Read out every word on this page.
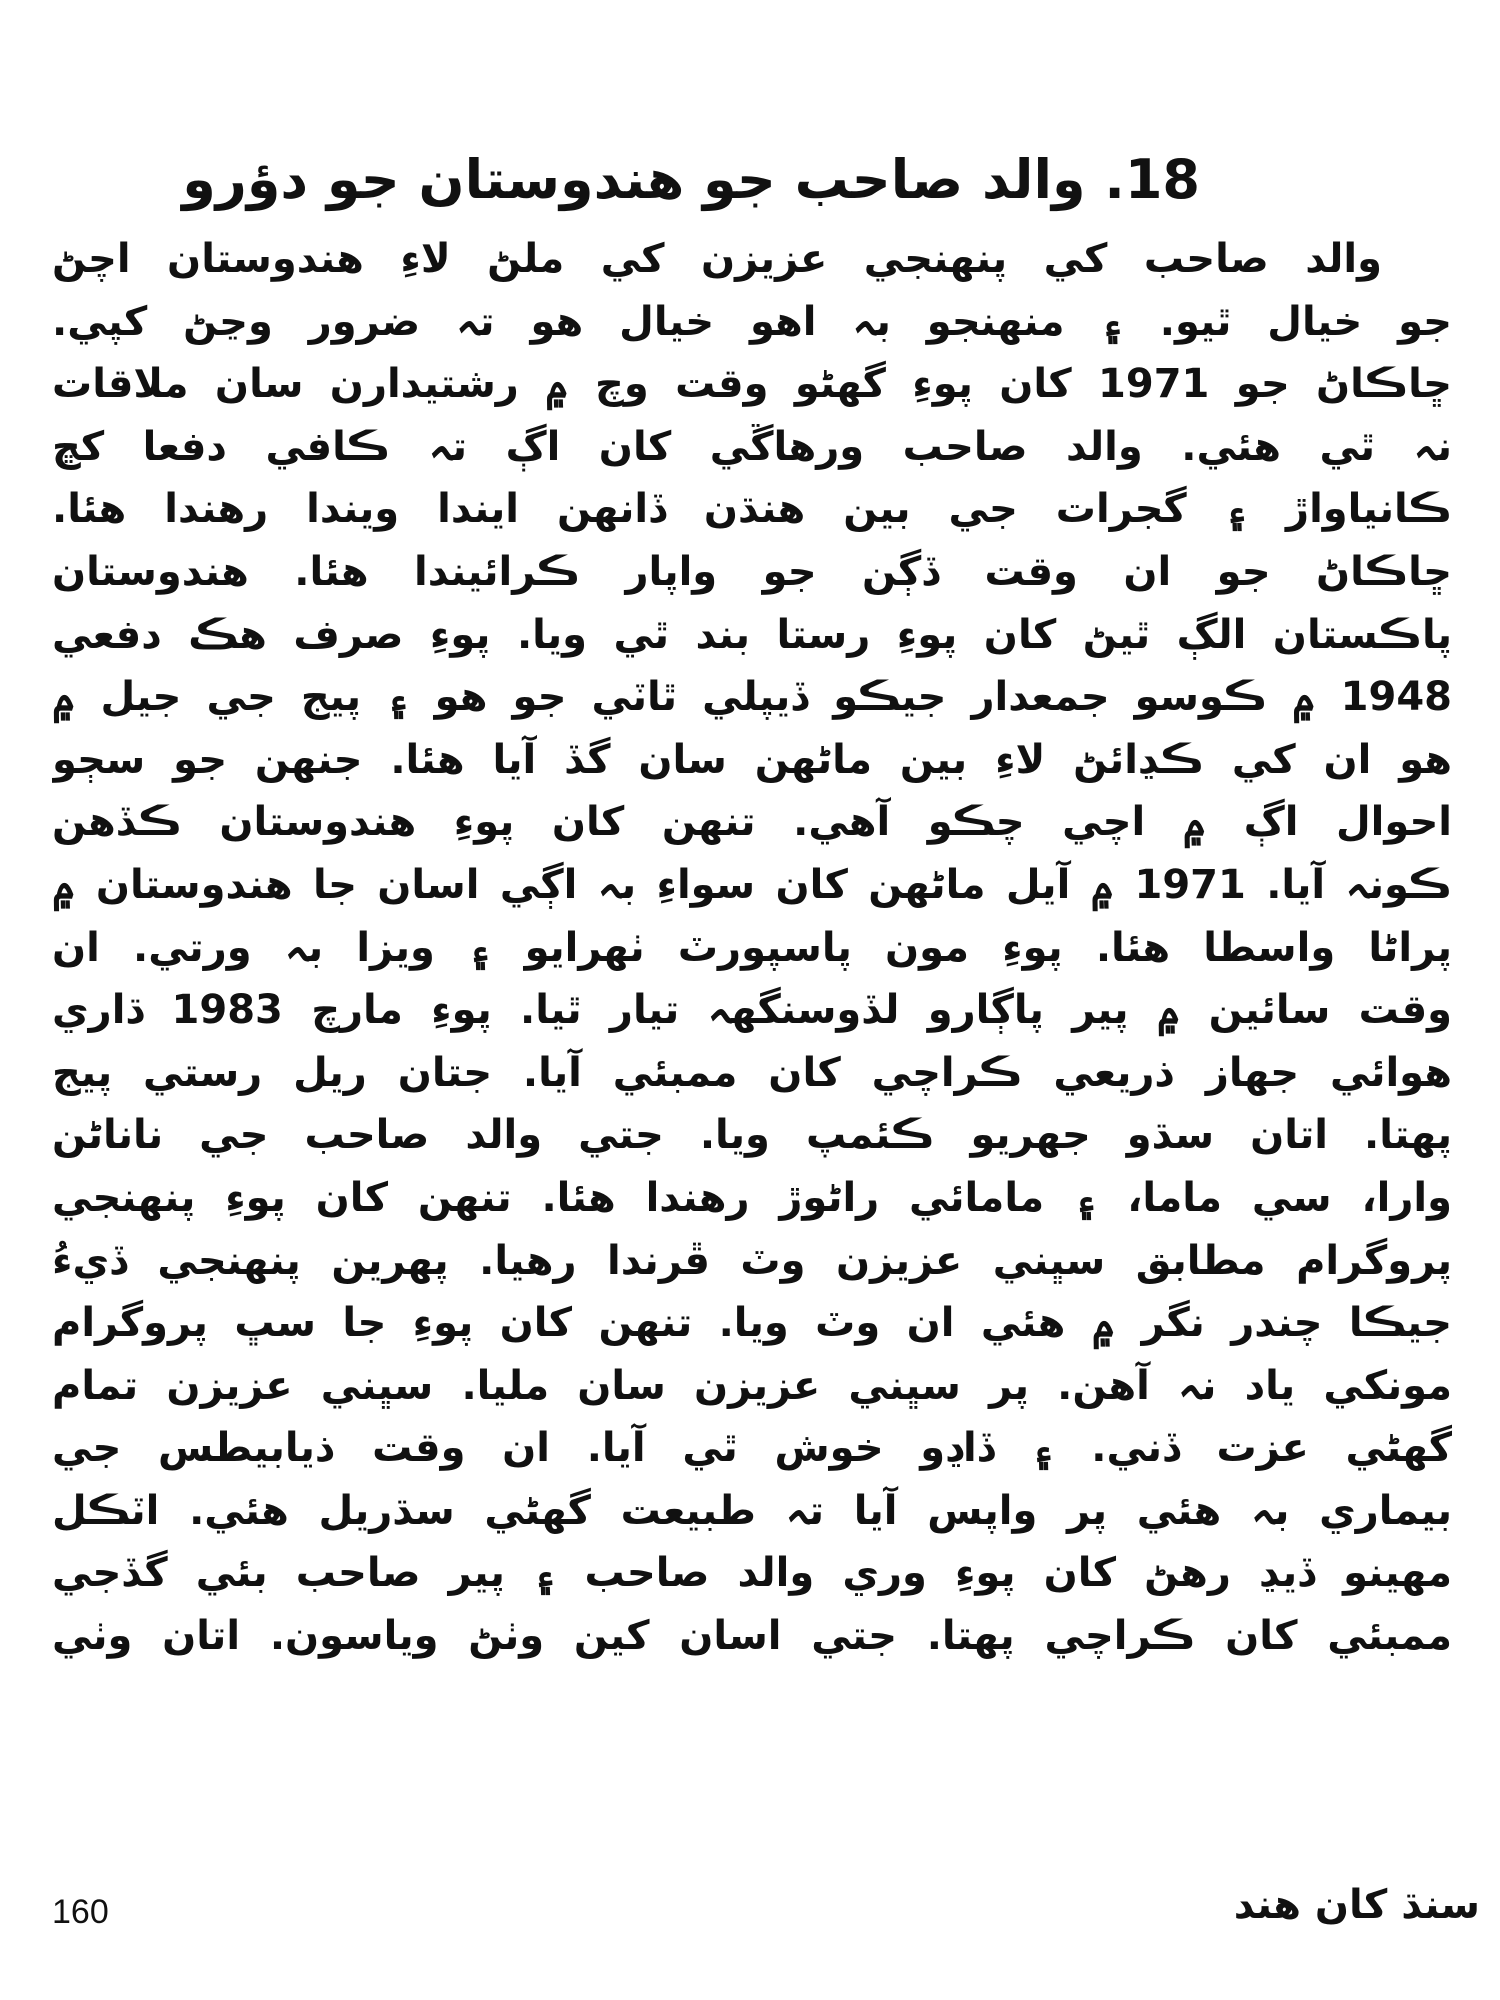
18. والد صاحب جو هندوستان جو دؤرو
والد صاحب کي پنهنجي عزيزن کي ملڻ لاءِ هندوستان اچڻ
جو خيال ٿيو. ۽ منهنجو بہ اهو خيال هو تہ ضرور وڃڻ کپي.
ڇاڪاڻ جو 1971 کان پوءِ گهڻو وقت وچ ۾ رشتيدارن سان ملاقات
نہ ٿي هئي. والد صاحب ورهاڱي کان اڳ تہ ڪافي دفعا کڇ
ڪانياواڙ ۽ گجرات جي بين هنڌن ڏانهن ايندا ويندا رهندا هئا.
ڇاڪاڻ جو ان وقت ڏڳن جو واپار ڪرائيندا هئا. هندوستان
پاڪستان الڳ ٿيڻ کان پوءِ رستا بند ٿي ويا. پوءِ صرف هڪ دفعي
1948 ۾ ڪوسو جمعدار جيڪو ڏيپلي ٿاٽي جو هو ۽ پيج جي جيل ۾
هو ان کي ڪڍائڻ لاءِ بين ماڻهن سان گڏ آيا هئا. جنهن جو سڄو
احوال اڳ ۾ اچي چڪو آهي. تنهن کان پوءِ هندوستان ڪڏهن
ڪونہ آيا. 1971 ۾ آيل ماڻهن کان سواءِ بہ اڳي اسان جا هندوستان ۾
پراڻا واسطا هئا. پوءِ مون پاسپورٽ ٺهرايو ۽ ويزا بہ ورتي. ان
وقت سائين ۾ پير پاڳارو لڏوسنگهہ تيار ٿيا. پوءِ مارچ 1983 ڌاري
هوائي جهاز ذريعي ڪراچي کان ممبئي آيا. جتان ريل رستي پيج
پهتا. اتان سڌو جهريو ڪئمپ ويا. جتي والد صاحب جي ناناڻن
وارا، سي ماما، ۽ مامائي راڻوڙ رهندا هئا. تنهن کان پوءِ پنهنجي
پروگرام مطابق سڀني عزيزن وٽ ڦرندا رهيا. پهرين پنهنجي ڏيءُ
جيڪا چندر نگر ۾ هئي ان وٽ ويا. تنهن کان پوءِ جا سڀ پروگرام
مونکي ياد نہ آهن. پر سڀني عزيزن سان مليا. سڀني عزيزن تمام
گهڻي عزت ڏني. ۽ ڏاڍو خوش ٿي آيا. ان وقت ذيابيطس جي
بيماري بہ هئي پر واپس آيا تہ طبيعت گهڻي سڌريل هئي. اٽڪل
مهينو ڏيڍ رهڻ کان پوءِ وري والد صاحب ۽ پير صاحب بئي گڏجي
ممبئي کان ڪراچي پهتا. جتي اسان کين وٺڻ وياسون. اتان وٺي
160	سنڌ کان هند
